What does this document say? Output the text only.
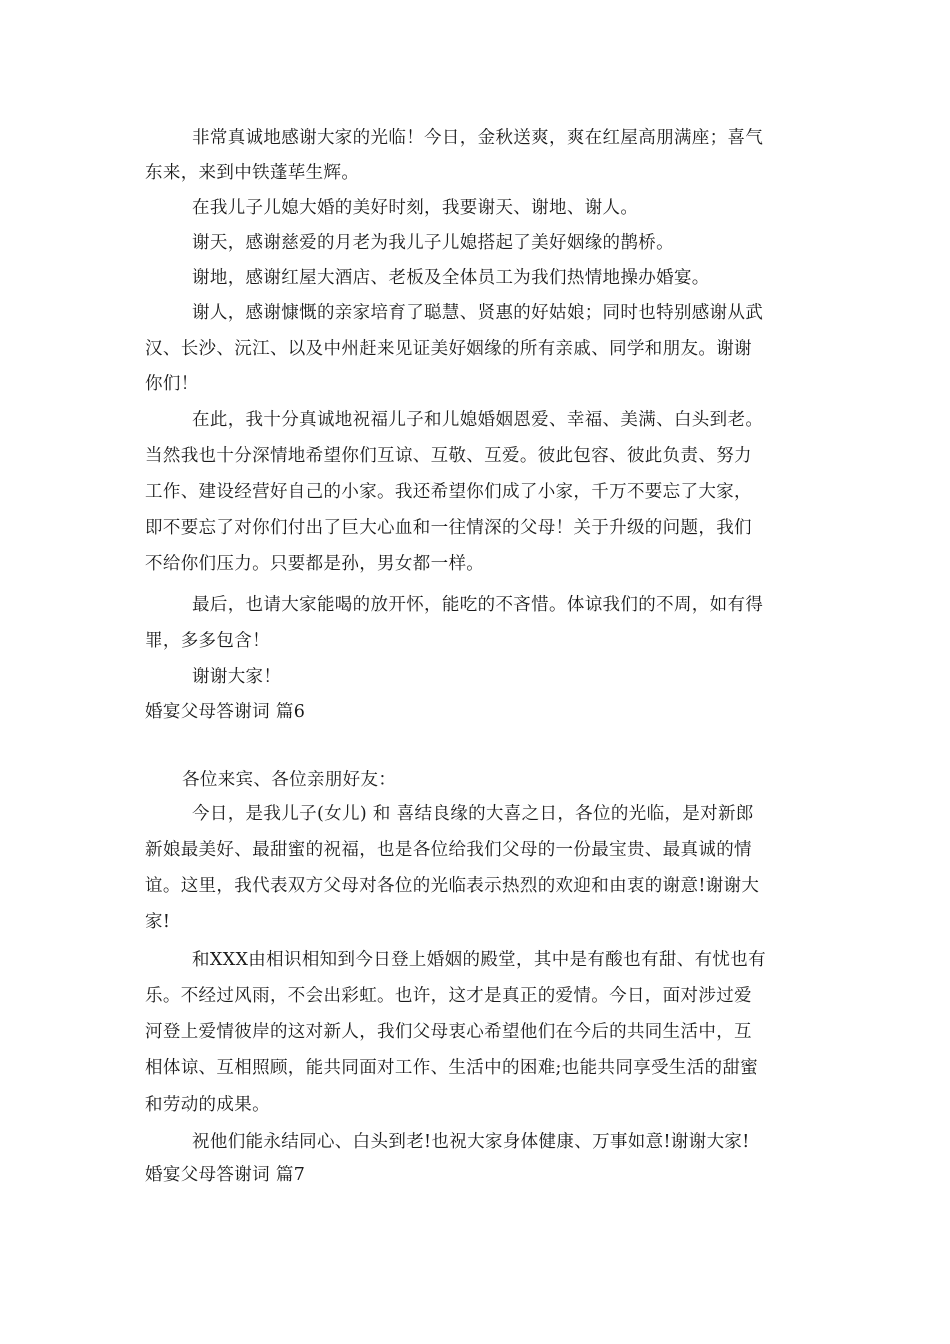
非常真诚地感谢大家的光临！今日，金秋送爽，爽在红屋高朋满座；喜气
东来，来到中铁蓬荜生辉。
在我儿子儿媳大婚的美好时刻，我要谢天、谢地、谢人。
谢天，感谢慈爱的月老为我儿子儿媳搭起了美好姻缘的鹊桥。
谢地，感谢红屋大酒店、老板及全体员工为我们热情地操办婚宴。
谢人，感谢慷慨的亲家培育了聪慧、贤惠的好姑娘；同时也特别感谢从武
汉、长沙、沅江、以及中州赶来见证美好姻缘的所有亲戚、同学和朋友。谢谢
你们！
在此，我十分真诚地祝福儿子和儿媳婚姻恩爱、幸福、美满、白头到老。
当然我也十分深情地希望你们互谅、互敬、互爱。彼此包容、彼此负责、努力
工作、建设经营好自己的小家。我还希望你们成了小家，千万不要忘了大家，
即不要忘了对你们付出了巨大心血和一往情深的父母！关于升级的问题，我们
不给你们压力。只要都是孙，男女都一样。
最后，也请大家能喝的放开怀，能吃的不吝惜。体谅我们的不周，如有得
罪，多多包含！
谢谢大家！
婚宴父母答谢词 篇6
各位来宾、各位亲朋好友：
今日，是我儿子(女儿) 和 喜结良缘的大喜之日，各位的光临，是对新郎
新娘最美好、最甜蜜的祝福，也是各位给我们父母的一份最宝贵、最真诚的情
谊。这里，我代表双方父母对各位的光临表示热烈的欢迎和由衷的谢意!谢谢大
家!
和XXX由相识相知到今日登上婚姻的殿堂，其中是有酸也有甜、有忧也有
乐。不经过风雨，不会出彩虹。也许，这才是真正的爱情。今日，面对涉过爱
河登上爱情彼岸的这对新人，我们父母衷心希望他们在今后的共同生活中，互
相体谅、互相照顾，能共同面对工作、生活中的困难;也能共同享受生活的甜蜜
和劳动的成果。
祝他们能永结同心、白头到老!也祝大家身体健康、万事如意!谢谢大家!
婚宴父母答谢词 篇7
